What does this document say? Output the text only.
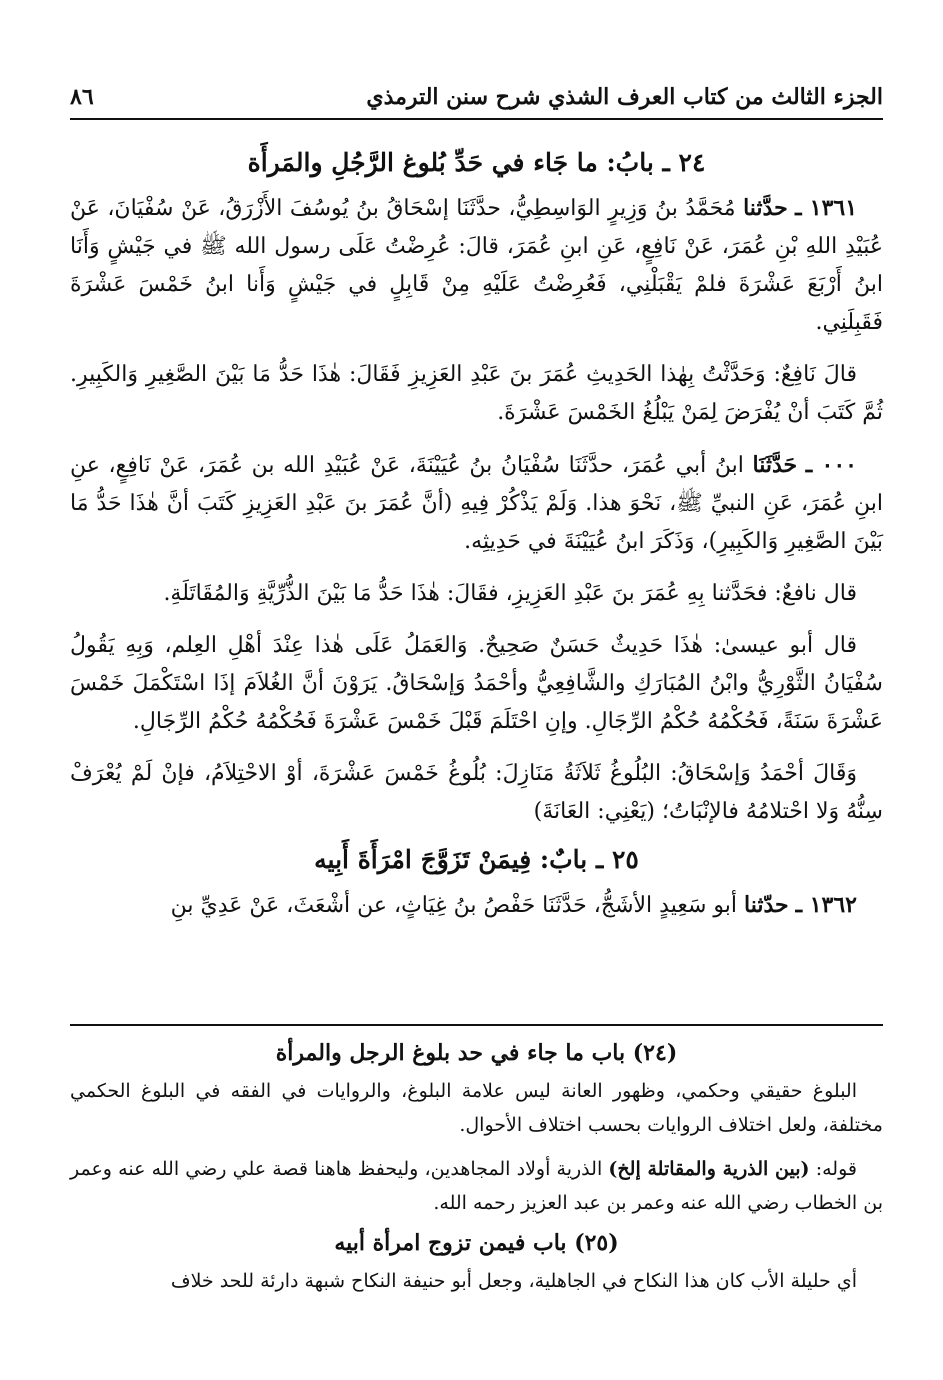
٨٦	الجزء الثالث من كتاب العرف الشذي شرح سنن الترمذي
٢٤ ـ بابُ: ما جَاء في حَدِّ بُلوغ الرَّجُلِ والمَرأَة

١٣٦١ ـ حدَّثنا مُحَمَّدُ بنُ وَزِيرٍ الوَاسِطِيُّ، حدَّثَنَا إسْحَاقُ بنُ يُوسُفَ الأَزْرَقُ، عَنْ سُفْيَانَ، عَنْ عُبَيْدِ اللهِ بْنِ عُمَرَ، عَنْ نَافِعٍ، عَنِ ابنِ عُمَرَ، قالَ: عُرِضْتُ عَلَى رسول الله ﷺ في جَيْشٍ وَأَنَا ابنُ أَرْبَعَ عَشْرَةَ فلمْ يَقْبَلْنِي، فَعُرِضْتُ عَلَيْهِ مِنْ قَابِلٍ في جَيْشٍ وَأَنا ابنُ خَمْسَ عَشْرَةَ فَقَبِلَنِي.

قالَ نَافِعٌ: وَحَدَّثْتُ بِهٰذا الحَدِيثِ عُمَرَ بنَ عَبْدِ العَزِيزِ فَقَالَ: هٰذَا حَدُّ مَا بَيْنَ الصَّغِيرِ وَالكَبِيرِ. ثُمَّ كَتَبَ أنْ يُفْرَضَ لِمَنْ يَبْلُغُ الخَمْسَ عَشْرَةَ.

٠٠٠ ـ حَدَّثَنَا ابنُ أبي عُمَرَ، حدَّثَنَا سُفْيَانُ بنُ عُيَيْنَةَ، عَنْ عُبَيْدِ الله بن عُمَرَ، عَنْ نَافِعٍ، عنِ ابنِ عُمَرَ، عَنِ النبيِّ ﷺ، نَحْوَ هذا. وَلَمْ يَذْكُرْ فِيهِ (أنَّ عُمَرَ بنَ عَبْدِ العَزِيزِ كَتَبَ أنَّ هٰذَا حَدُّ مَا بَيْنَ الصَّغِيرِ وَالكَبِيرِ)، وَذَكَرَ ابنُ عُيَيْنَةَ في حَدِيثِه.

قال نافعٌ: فحَدَّثنا بِهِ عُمَرَ بنَ عَبْدِ العَزِيزِ، فقَالَ: هٰذَا حَدُّ مَا بَيْنَ الذُّرِّيَّةِ وَالمُقَاتَلَةِ.

قال أبو عيسىٰ: هٰذَا حَدِيثٌ حَسَنٌ صَحِيحٌ. وَالعَمَلُ عَلَى هٰذا عِنْدَ أهْلِ العِلم، وَبِهِ يَقُولُ سُفْيَانُ الثَّوْرِيُّ وابْنُ المُبَارَكِ والشَّافِعِيُّ وأحْمَدُ وَإسْحَاقُ. يَرَوْنَ أنَّ الغُلاَمَ إذَا اسْتَكْمَلَ خَمْسَ عَشْرَةَ سَنَةً، فَحُكْمُهُ حُكْمُ الرِّجَالِ. وإنِ احْتَلَمَ قَبْلَ خَمْسَ عَشْرَةَ فَحُكْمُهُ حُكْمُ الرِّجَالِ.

وَقَالَ أحْمَدُ وَإسْحَاقُ: البُلُوغُ ثَلاَثَةُ مَنَازِلَ: بُلُوغُ خَمْسَ عَشْرَةَ، أوْ الاحْتِلاَمُ، فإنْ لَمْ يُعْرَفْ سِنُّهُ وَلا احْتلامُهُ فالإنْبَاتُ؛ (يَعْنِي: العَانَةَ)

٢٥ ـ بابٌ: فِيمَنْ تَزَوَّجَ امْرَأَةَ أَبِيه

١٣٦٢ ـ حدّثنا أبو سَعِيدٍ الأشَجُّ، حَدَّثَنَا حَفْصُ بنُ غِيَاثٍ، عن أشْعَثَ، عَنْ عَدِيِّ بنِ

(٢٤) باب ما جاء في حد بلوغ الرجل والمرأة

البلوغ حقيقي وحكمي، وظهور العانة ليس علامة البلوغ، والروايات في الفقه في البلوغ الحكمي مختلفة، ولعل اختلاف الروايات بحسب اختلاف الأحوال.

قوله: (بين الذرية والمقاتلة إلخ) الذرية أولاد المجاهدين، وليحفظ هاهنا قصة علي رضي الله عنه وعمر بن الخطاب رضي الله عنه وعمر بن عبد العزيز رحمه الله.

(٢٥) باب فيمن تزوج امرأة أبيه

أي حليلة الأب كان هذا النكاح في الجاهلية، وجعل أبو حنيفة النكاح شبهة دارئة للحد خلاف
